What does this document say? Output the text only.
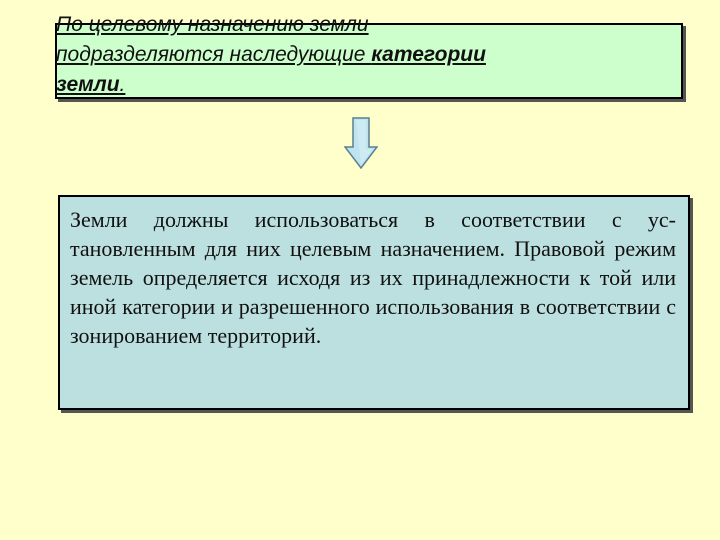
По целевому назначению земли
подразделяются наследующие категории
земли.

Земли должны использоваться в соответствии с ус-тановленным для них целевым назначением. Правовой режим земель определяется исходя из их принадлежности к той или иной категории и разрешенного использования в соответствии с зонированием территорий.
